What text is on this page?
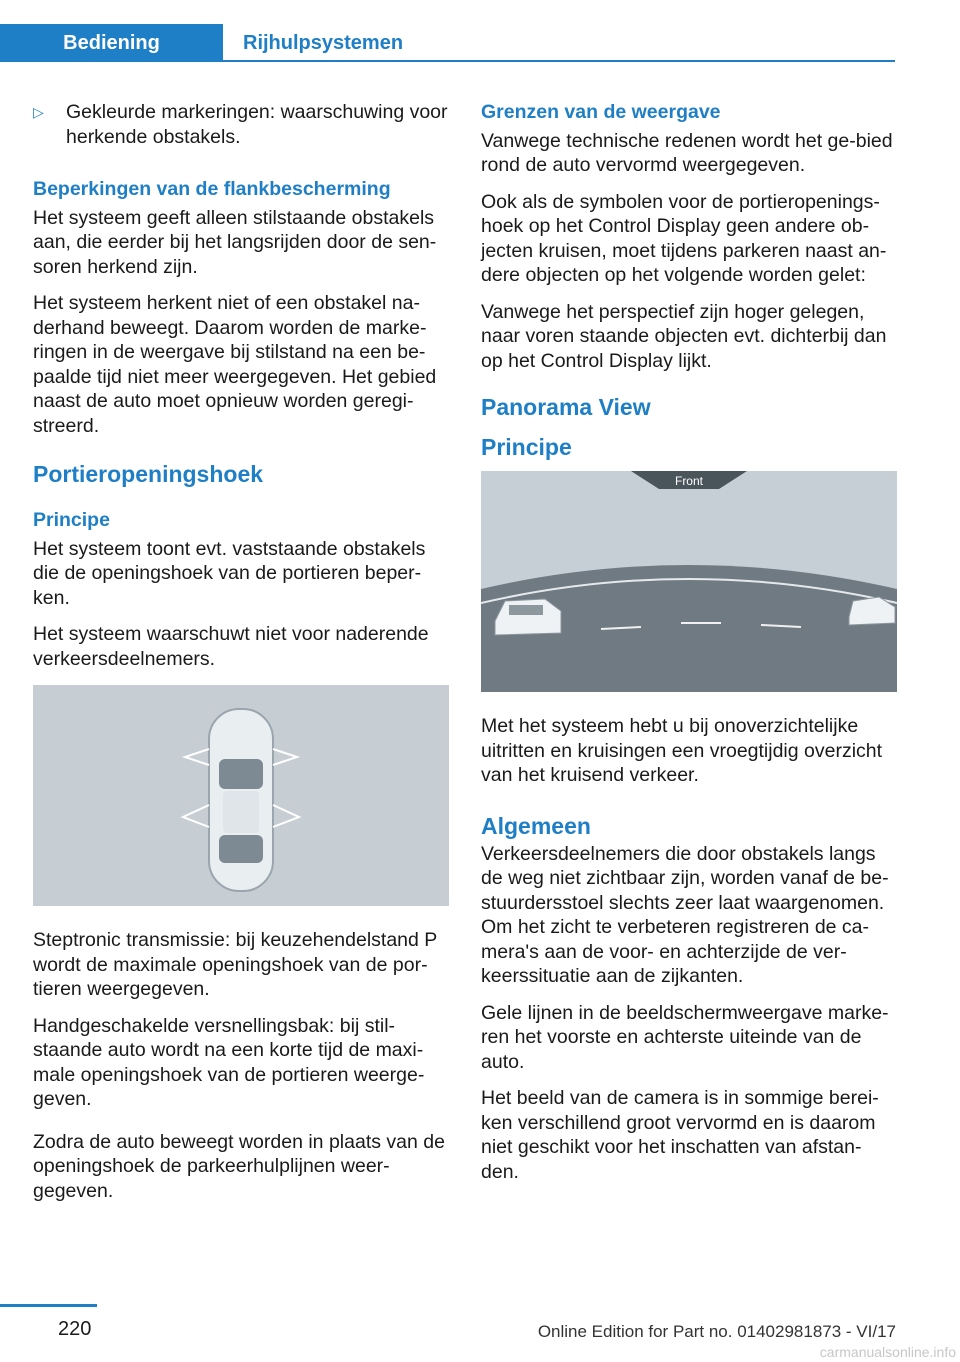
Bediening	Rijhulpsystemen
▷	Gekleurde markeringen: waarschuwing voor herkende obstakels.
Beperkingen van de flankbescherming

Het systeem geeft alleen stilstaande obstakels aan, die eerder bij het langsrijden door de sen‐soren herkend zijn.

Het systeem herkent niet of een obstakel na‐derhand beweegt. Daarom worden de marke‐ringen in de weergave bij stilstand na een be‐paalde tijd niet meer weergegeven. Het gebied naast de auto moet opnieuw worden geregi‐streerd.

Portieropeningshoek
Principe

Het systeem toont evt. vaststaande obstakels die de openingshoek van de portieren beper‐ken.

Het systeem waarschuwt niet voor naderende verkeersdeelnemers.

Steptronic transmissie: bij keuzehendelstand P wordt de maximale openingshoek van de por‐tieren weergegeven.

Handgeschakelde versnellingsbak: bij stil‐staande auto wordt na een korte tijd de maxi‐male openingshoek van de portieren weerge‐geven.

Zodra de auto beweegt worden in plaats van de openingshoek de parkeerhulplijnen weer‐gegeven.

Grenzen van de weergave

Vanwege technische redenen wordt het ge‐bied rond de auto vervormd weergegeven.

Ook als de symbolen voor de portieropenings‐hoek op het Control Display geen andere ob‐jecten kruisen, moet tijdens parkeren naast an‐dere objecten op het volgende worden gelet:

Vanwege het perspectief zijn hoger gelegen, naar voren staande objecten evt. dichterbij dan op het Control Display lijkt.

Panorama View
Principe
Front

Met het systeem hebt u bij onoverzichtelijke uitritten en kruisingen een vroegtijdig overzicht van het kruisend verkeer.

Algemeen

Verkeersdeelnemers die door obstakels langs de weg niet zichtbaar zijn, worden vanaf de be‐stuurdersstoel slechts zeer laat waargenomen. Om het zicht te verbeteren registreren de ca‐mera's aan de voor- en achterzijde de ver‐keerssituatie aan de zijkanten.

Gele lijnen in de beeldschermweergave marke‐ren het voorste en achterste uiteinde van de auto.

Het beeld van de camera is in sommige berei‐ken verschillend groot vervormd en is daarom niet geschikt voor het inschatten van afstan‐den.

220	Online Edition for Part no. 01402981873 - VI/17
carmanualsonline.info
